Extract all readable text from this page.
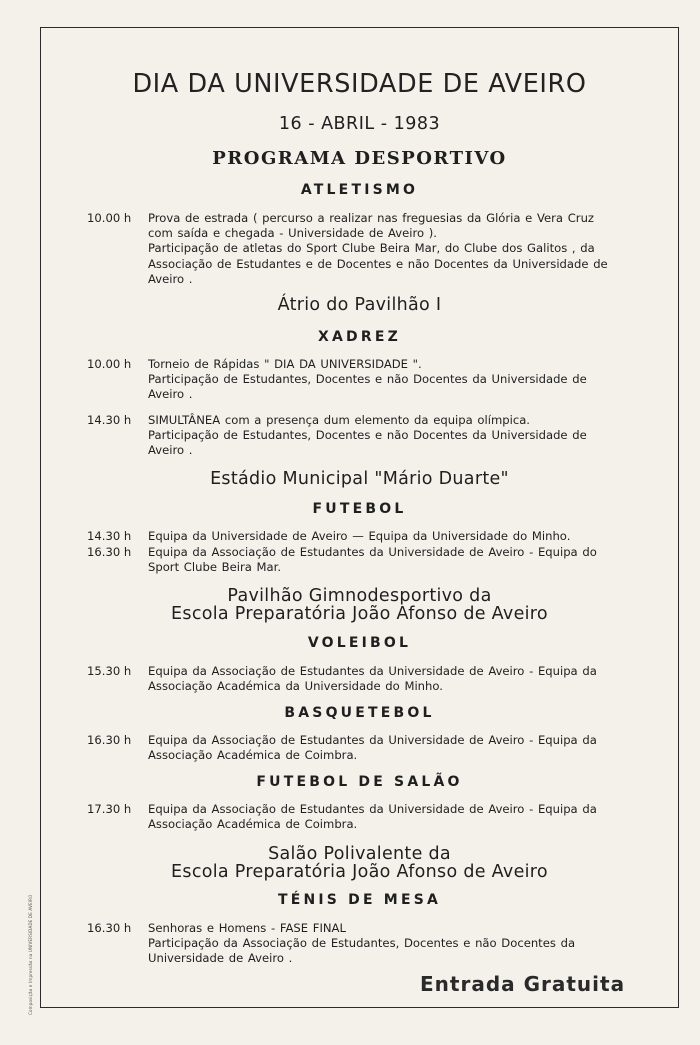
Composição e Impressão na UNIVERSIDADE DE AVEIRO
DIA DA UNIVERSIDADE DE AVEIRO
16 - ABRIL - 1983
PROGRAMA DESPORTIVO
ATLETISMO
10.00 h	Prova de estrada ( percurso a realizar nas freguesias da Glória e Vera Cruz
com saída e chegada - Universidade de Aveiro ).
Participação de atletas do Sport Clube Beira Mar, do Clube dos Galitos , da
Associação de Estudantes e de Docentes e não Docentes da Universidade de
Aveiro .
Átrio do Pavilhão I
XADREZ
10.00 h	Torneio de Rápidas " DIA DA UNIVERSIDADE ".
Participação de Estudantes, Docentes e não Docentes da Universidade de
Aveiro .
14.30 h	SIMULTÂNEA com a presença dum elemento da equipa olímpica.
Participação de Estudantes, Docentes e não Docentes da Universidade de
Aveiro .
Estádio Municipal "Mário Duarte"
FUTEBOL
14.30 h	Equipa da Universidade de Aveiro — Equipa da Universidade do Minho.
16.30 h	Equipa da Associação de Estudantes da Universidade de Aveiro - Equipa do
Sport Clube Beira Mar.
Pavilhão Gimnodesportivo da
Escola Preparatória João Afonso de Aveiro
VOLEIBOL
15.30 h	Equipa da Associação de Estudantes da Universidade de Aveiro - Equipa da
Associação Académica da Universidade do Minho.
BASQUETEBOL
16.30 h	Equipa da Associação de Estudantes da Universidade de Aveiro - Equipa da
Associação Académica de Coimbra.
FUTEBOL DE SALÃO
17.30 h	Equipa da Associação de Estudantes da Universidade de Aveiro - Equipa da
Associação Académica de Coimbra.
Salão Polivalente da
Escola Preparatória João Afonso de Aveiro
TÉNIS DE MESA
16.30 h	Senhoras e Homens - FASE FINAL
Participação da Associação de Estudantes, Docentes e não Docentes da
Universidade de Aveiro .
Entrada Gratuita
